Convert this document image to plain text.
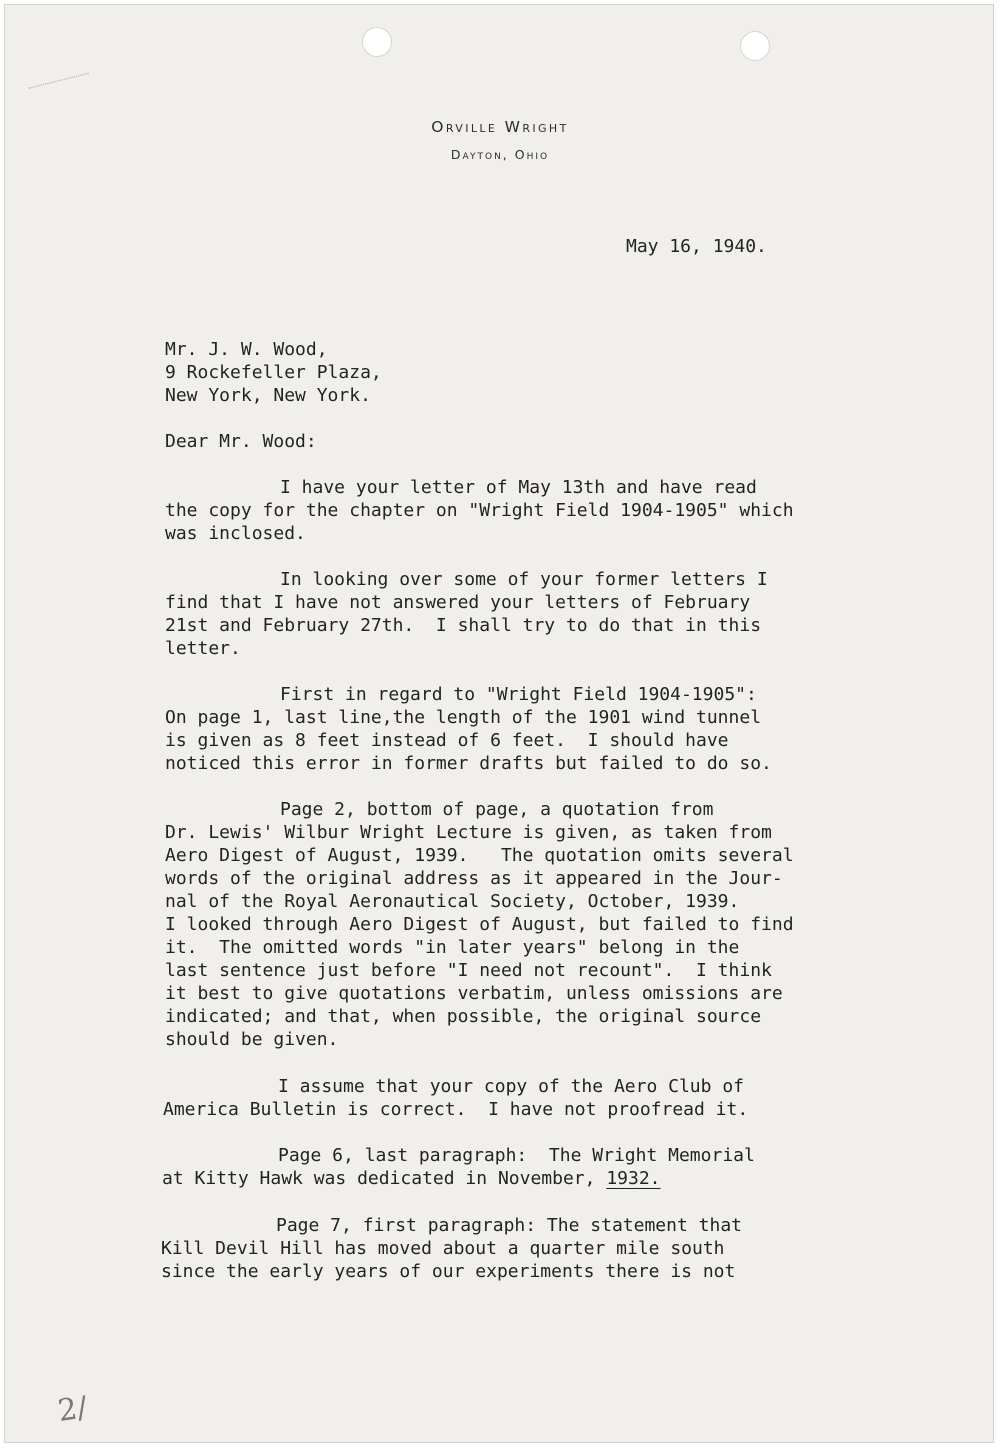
Orville Wright
Dayton, Ohio
May 16, 1940.
Mr. J. W. Wood,
9 Rockefeller Plaza,
New York, New York.
Dear Mr. Wood:
I have your letter of May 13th and have read
the copy for the chapter on "Wright Field 1904-1905" which
was inclosed.
In looking over some of your former letters I
find that I have not answered your letters of February
21st and February 27th.  I shall try to do that in this
letter.
First in regard to "Wright Field 1904-1905":
On page 1, last line,the length of the 1901 wind tunnel
is given as 8 feet instead of 6 feet.  I should have
noticed this error in former drafts but failed to do so.
Page 2, bottom of page, a quotation from
Dr. Lewis' Wilbur Wright Lecture is given, as taken from
Aero Digest of August, 1939.   The quotation omits several
words of the original address as it appeared in the Jour-
nal of the Royal Aeronautical Society, October, 1939.
I looked through Aero Digest of August, but failed to find
it.  The omitted words "in later years" belong in the
last sentence just before "I need not recount".  I think
it best to give quotations verbatim, unless omissions are
indicated; and that, when possible, the original source
should be given.
I assume that your copy of the Aero Club of
America Bulletin is correct.  I have not proofread it.
Page 6, last paragraph:  The Wright Memorial
at Kitty Hawk was dedicated in November, 1932.
Page 7, first paragraph: The statement that
Kill Devil Hill has moved about a quarter mile south
since the early years of our experiments there is not
2/
